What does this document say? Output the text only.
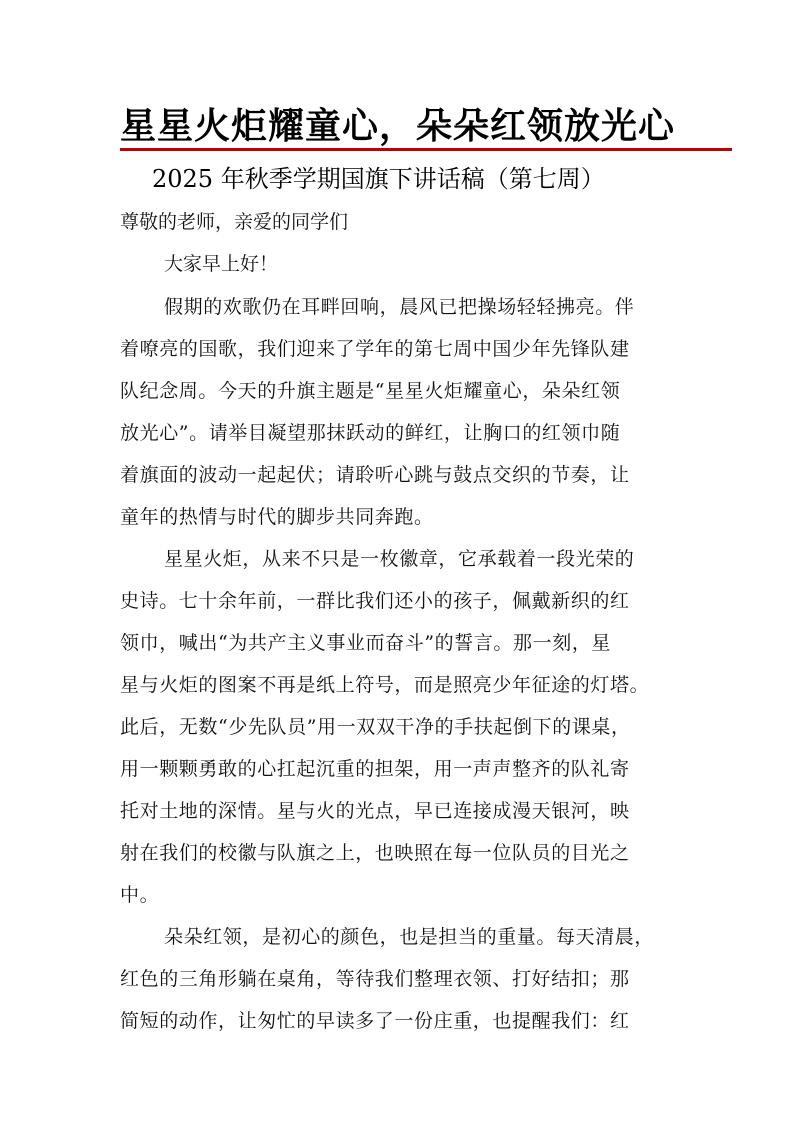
星星火炬耀童心，朵朵红领放光心
2025 年秋季学期国旗下讲话稿（第七周）
尊敬的老师，亲爱的同学们
大家早上好！
假期的欢歌仍在耳畔回响，晨风已把操场轻轻拂亮。伴
着嘹亮的国歌，我们迎来了学年的第七周中国少年先锋队建
队纪念周。今天的升旗主题是“星星火炬耀童心，朵朵红领
放光心”。请举目凝望那抹跃动的鲜红，让胸口的红领巾随
着旗面的波动一起起伏；请聆听心跳与鼓点交织的节奏，让
童年的热情与时代的脚步共同奔跑。
星星火炬，从来不只是一枚徽章，它承载着一段光荣的
史诗。七十余年前，一群比我们还小的孩子，佩戴新织的红
领巾，喊出“为共产主义事业而奋斗”的誓言。那一刻，星
星与火炬的图案不再是纸上符号，而是照亮少年征途的灯塔。
此后，无数“少先队员”用一双双干净的手扶起倒下的课桌，
用一颗颗勇敢的心扛起沉重的担架，用一声声整齐的队礼寄
托对土地的深情。星与火的光点，早已连接成漫天银河，映
射在我们的校徽与队旗之上，也映照在每一位队员的目光之
中。
朵朵红领，是初心的颜色，也是担当的重量。每天清晨，
红色的三角形躺在桌角，等待我们整理衣领、打好结扣；那
简短的动作，让匆忙的早读多了一份庄重，也提醒我们：红
